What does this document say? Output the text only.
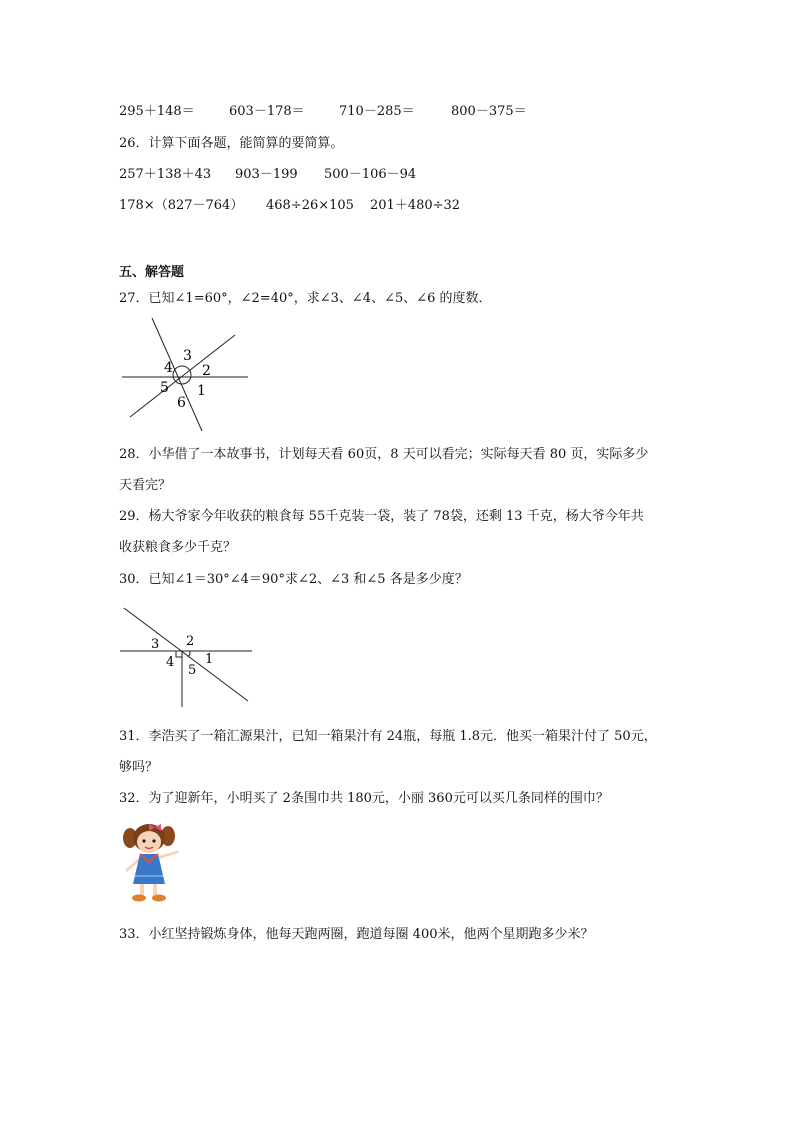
295＋148＝	603－178＝	710－285＝	800－375＝
26．计算下面各题，能简算的要简算。
257＋138＋43 903－199 500－106－94
178×（827－764） 468÷26×105 201＋480÷32
五、解答题
27．已知∠1=60°，∠2=40°，求∠3、∠4、∠5、∠6 的度数．
3
4 2
5 1
6
28．小华借了一本故事书，计划每天看 60页，8 天可以看完；实际每天看 80 页，实际多少
天看完？
29．杨大爷家今年收获的粮食每 55千克装一袋，装了 78袋，还剩 13 千克，杨大爷今年共
收获粮食多少千克？
30．已知∠1＝30°∠4＝90°求∠2、∠3 和∠5 各是多少度？
3 2
1
4
5
31．李浩买了一箱汇源果汁，已知一箱果汁有 24瓶，每瓶 1.8元．他买一箱果汁付了 50元，
够吗？
32．为了迎新年，小明买了 2条围巾共 180元，小丽 360元可以买几条同样的围巾？
33．小红坚持锻炼身体，他每天跑两圈，跑道每圈 400米，他两个星期跑多少米？
